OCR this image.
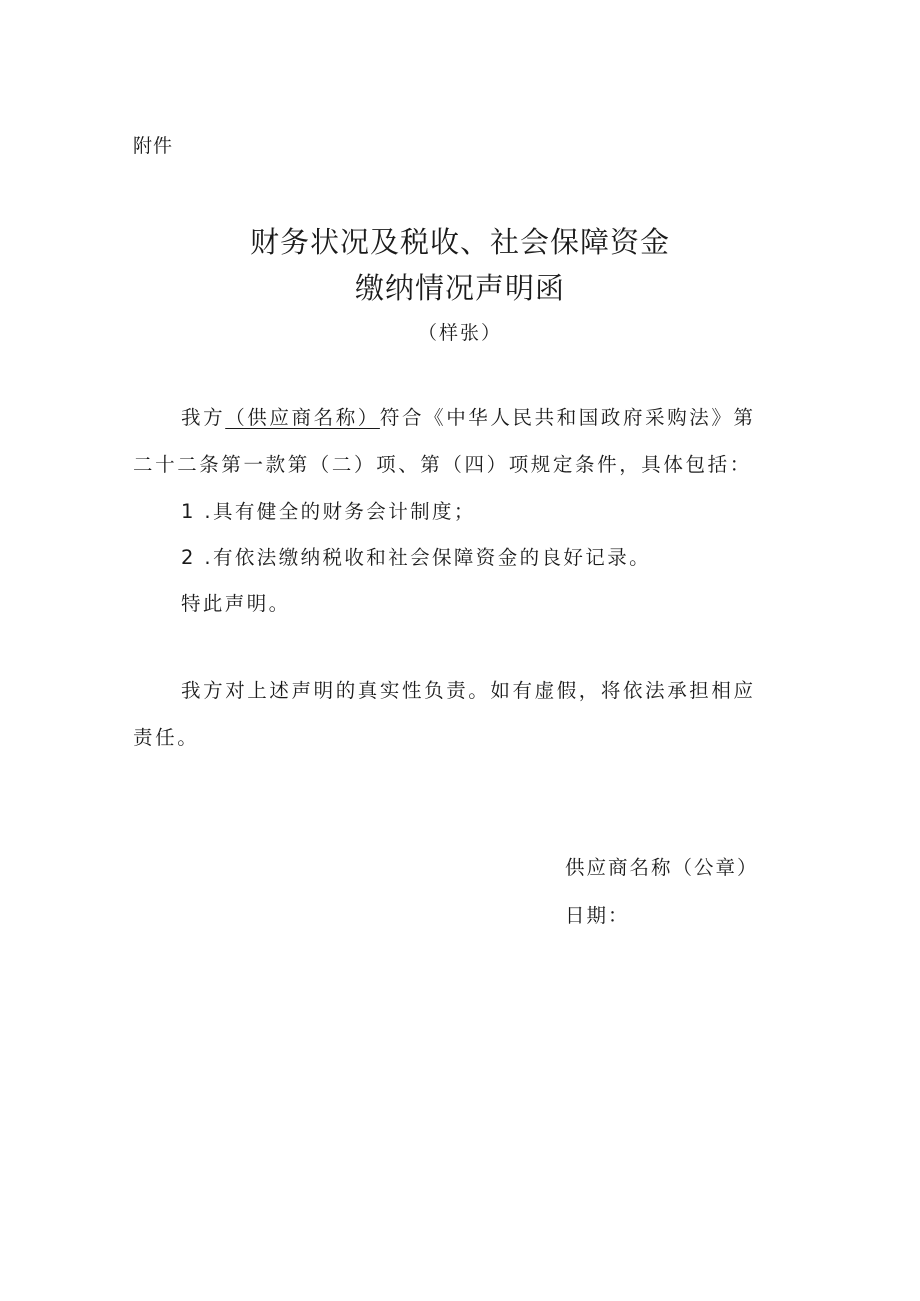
附件
财务状况及税收、社会保障资金
缴纳情况声明函
（样张）
我方（供应商名称）符合《中华人民共和国政府采购法》第
二十二条第一款第（二）项、第（四）项规定条件，具体包括：
1 .具有健全的财务会计制度；
2 .有依法缴纳税收和社会保障资金的良好记录。
特此声明。
我方对上述声明的真实性负责。如有虚假，将依法承担相应
责任。
供应商名称（公章）
日期：
